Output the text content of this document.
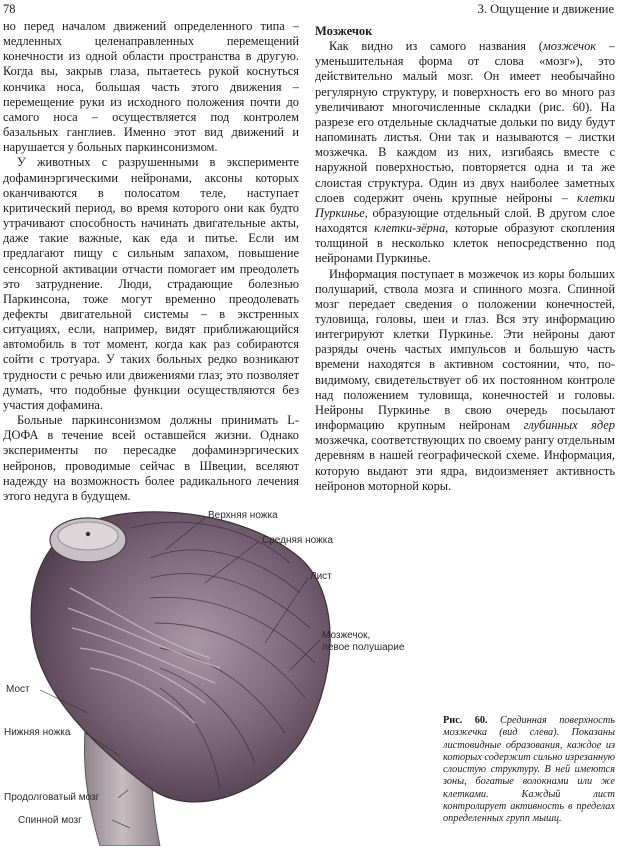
78	3. Ощущение и движение

но перед началом движений определенного типа – медленных целенаправленных перемещений конечности из одной области пространства в другую. Когда вы, закрыв глаза, пытаетесь рукой коснуться кончика носа, большая часть этого движения – перемещение руки из исходного положения почти до самого носа – осуществляется под контролем базальных ганглиев. Именно этот вид движений и нарушается у больных паркинсонизмом.

У животных с разрушенными в эксперименте дофаминэргическими нейронами, аксоны которых оканчиваются в полосатом теле, наступает критический период, во время которого они как будто утрачивают способность начинать двигательные акты, даже такие важные, как еда и питье. Если им предлагают пищу с сильным запахом, повышение сенсорной активации отчасти помогает им преодолеть это затруднение. Люди, страдающие болезнью Паркинсона, тоже могут временно преодолевать дефекты двигательной системы – в экстренных ситуациях, если, например, видят приближающийся автомобиль в тот момент, когда как раз собираются сойти с тротуара. У таких больных редко возникают трудности с речью или движениями глаз; это позволяет думать, что подобные функции осуществляются без участия дофамина.

Больные паркинсонизмом должны принимать L-ДОФА в течение всей оставшейся жизни. Однако эксперименты по пересадке дофаминэргических нейронов, проводимые сейчас в Швеции, вселяют надежду на возможность более радикального лечения этого недуга в будущем.

Мозжечок

Как видно из самого названия (мозжечок – уменьшительная форма от слова «мозг»), это действительно малый мозг. Он имеет необычайно регулярную структуру, и поверхность его во много раз увеличивают многочисленные складки (рис. 60). На разрезе его отдельные складчатые дольки по виду будут напоминать листья. Они так и называются – листки мозжечка. В каждом из них, изгибаясь вместе с наружной поверхностью, повторяется одна и та же слоистая структура. Один из двух наиболее заметных слоев содержит очень крупные нейроны – клетки Пуркинье, образующие отдельный слой. В другом слое находятся клетки-зёрна, которые образуют скопления толщиной в несколько клеток непосредственно под нейронами Пуркинье.

Информация поступает в мозжечок из коры больших полушарий, ствола мозга и спинного мозга. Спинной мозг передает сведения о положении конечностей, туловища, головы, шеи и глаз. Вся эту информацию интегрируют клетки Пуркинье. Эти нейроны дают разряды очень частых импульсов и большую часть времени находятся в активном состоянии, что, по-видимому, свидетельствует об их постоянном контроле над положением туловища, конечностей и головы. Нейроны Пуркинье в свою очередь посылают информацию крупным нейронам глубинных ядер мозжечка, соответствующих по своему рангу отдельным деревням в нашей географической схеме. Информация, которую выдают эти ядра, видоизменяет активность нейронов моторной коры.

Верхняя ножка
Средняя ножка
Лист
Мозжечок,
левое полушарие
Мост
Нижняя ножка
Продолговатый мозг
Спинной мозг
Рис. 60. Срединная поверхность мозжечка (вид слева). Показаны листовидные образования, каждое из которых содержит сильно изрезанную слоистую структуру. В ней имеются зоны, богатые волокнами или же клетками. Каждый лист контролирует активность в пределах определенных групп мышц.
